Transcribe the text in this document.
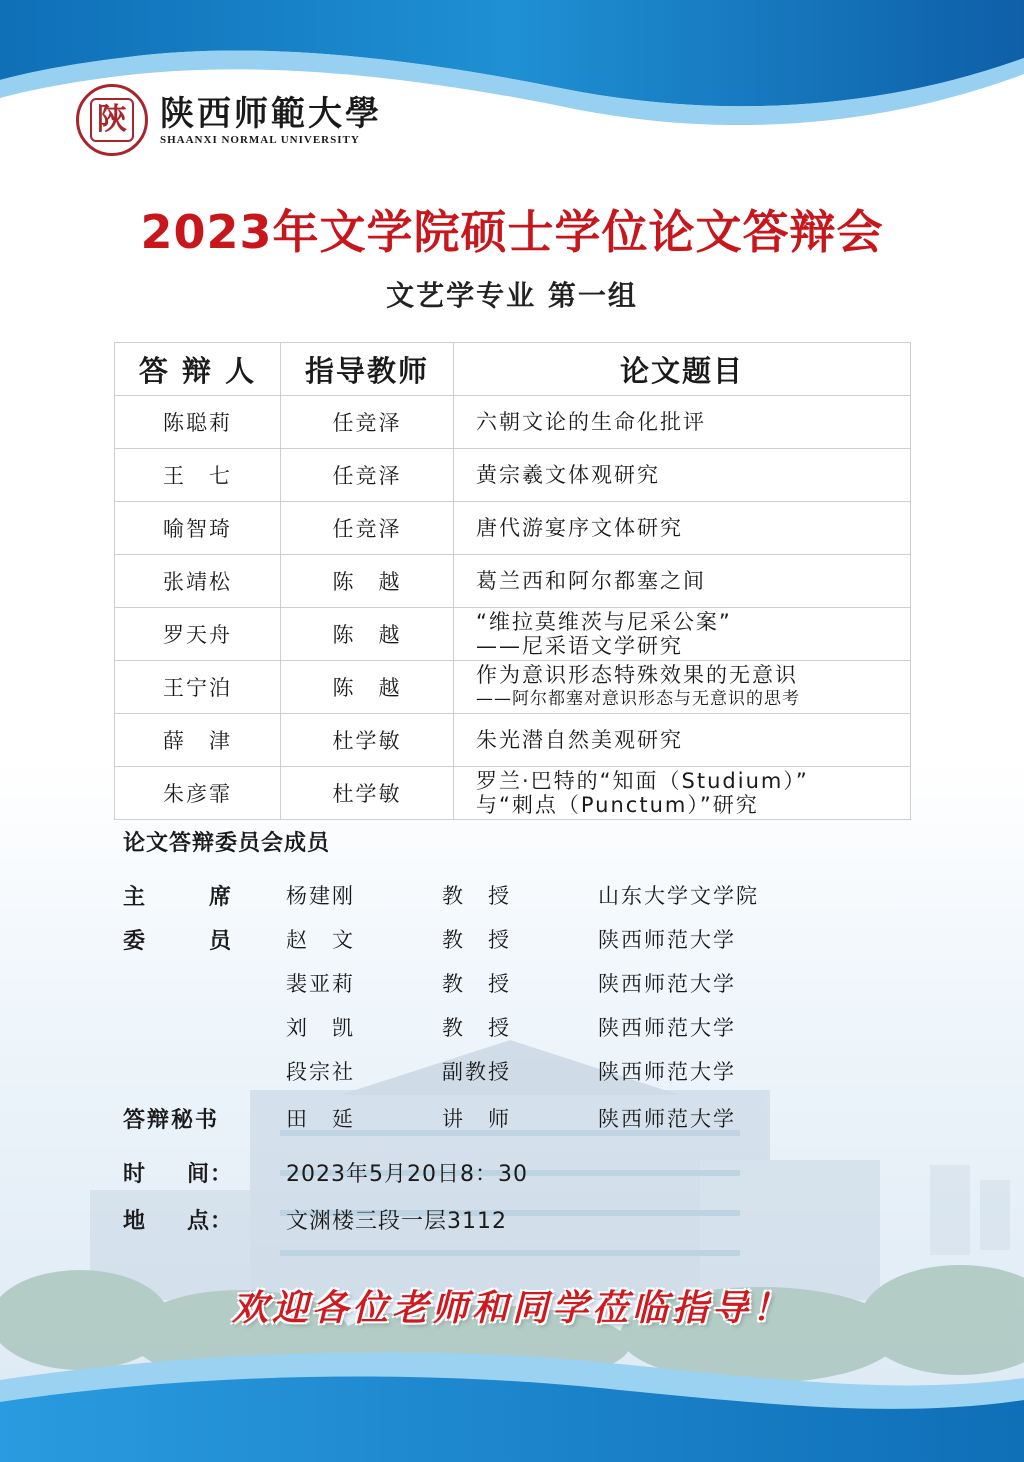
陝 陕西师範大學
SHAANXI NORMAL UNIVERSITY
2023年文学院硕士学位论文答辩会
文艺学专业 第一组
答 辩 人	指导教师	论文题目
陈聪莉	任竞泽	六朝文论的生命化批评

王　七	任竞泽	黄宗羲文体观研究

喻智琦	任竞泽	唐代游宴序文体研究

张靖松	陈　越	葛兰西和阿尔都塞之间

罗天舟	陈　越	“维拉莫维茨与尼采公案”
——尼采语文学研究

王宁泊	陈　越	作为意识形态特殊效果的无意识
——阿尔都塞对意识形态与无意识的思考

薛　津	杜学敏	朱光潜自然美观研究

朱彦霏	杜学敏	罗兰·巴特的“知面（Studium）”
与“刺点（Punctum）”研究
论文答辩委员会成员
主	席	杨建刚	教　授	山东大学文学院
委	员	赵　文	教　授	陕西师范大学
裴亚莉	教　授	陕西师范大学
刘　凯	教　授	陕西师范大学
段宗社	副教授	陕西师范大学
答辩秘书	田　延	讲　师	陕西师范大学
时 间： 2023年5月20日8：30
地 点： 文渊楼三段一层3112
欢迎各位老师和同学莅临指导！
